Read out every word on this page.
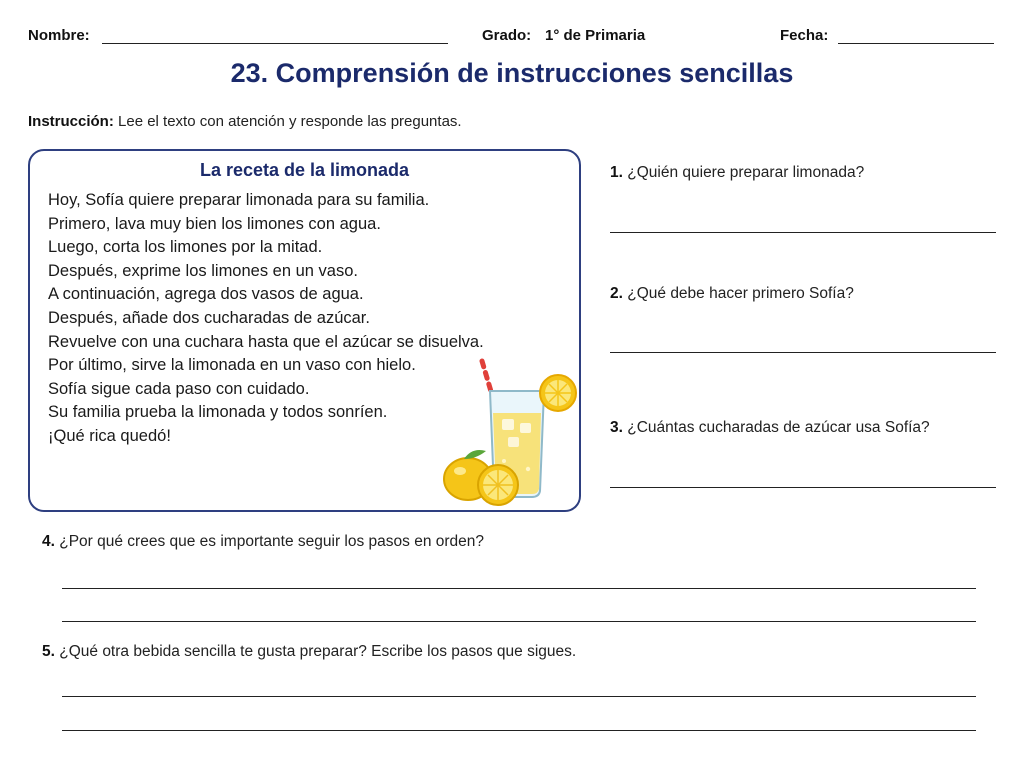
Nombre:	Grado: 1° de Primaria	Fecha:
23. Comprensión de instrucciones sencillas
Instrucción: Lee el texto con atención y responde las preguntas.
La receta de la limonada
Hoy, Sofía quiere preparar limonada para su familia.
Primero, lava muy bien los limones con agua.
Luego, corta los limones por la mitad.
Después, exprime los limones en un vaso.
A continuación, agrega dos vasos de agua.
Después, añade dos cucharadas de azúcar.
Revuelve con una cuchara hasta que el azúcar se disuelva.
Por último, sirve la limonada en un vaso con hielo.
Sofía sigue cada paso con cuidado.
Su familia prueba la limonada y todos sonríen.
¡Qué rica quedó!
1. ¿Quién quiere preparar limonada?
2. ¿Qué debe hacer primero Sofía?
3. ¿Cuántas cucharadas de azúcar usa Sofía?
4. ¿Por qué crees que es importante seguir los pasos en orden?
5. ¿Qué otra bebida sencilla te gusta preparar? Escribe los pasos que sigues.
